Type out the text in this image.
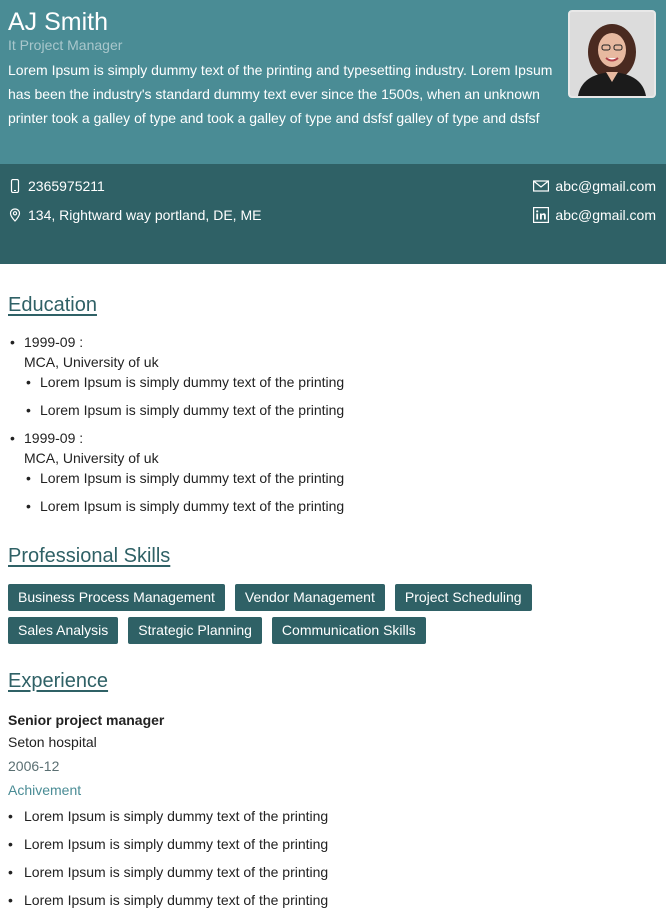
AJ Smith
It Project Manager
Lorem Ipsum is simply dummy text of the printing and typesetting industry. Lorem Ipsum has been the industry's standard dummy text ever since the 1500s, when an unknown printer took a galley of type and took a galley of type and dsfsf galley of type and dsfsf
2365975211
134, Rightward way portland, DE, ME
abc@gmail.com
abc@gmail.com
Education
• 1999-09 :
MCA, University of uk
• Lorem Ipsum is simply dummy text of the printing
• Lorem Ipsum is simply dummy text of the printing
• 1999-09 :
MCA, University of uk
• Lorem Ipsum is simply dummy text of the printing
• Lorem Ipsum is simply dummy text of the printing
Professional Skills
Business Process Management	Vendor Management	Project Scheduling
Sales Analysis	Strategic Planning	Communication Skills
Experience
Senior project manager
Seton hospital
2006-12
Achivement
• Lorem Ipsum is simply dummy text of the printing
• Lorem Ipsum is simply dummy text of the printing
• Lorem Ipsum is simply dummy text of the printing
• Lorem Ipsum is simply dummy text of the printing
